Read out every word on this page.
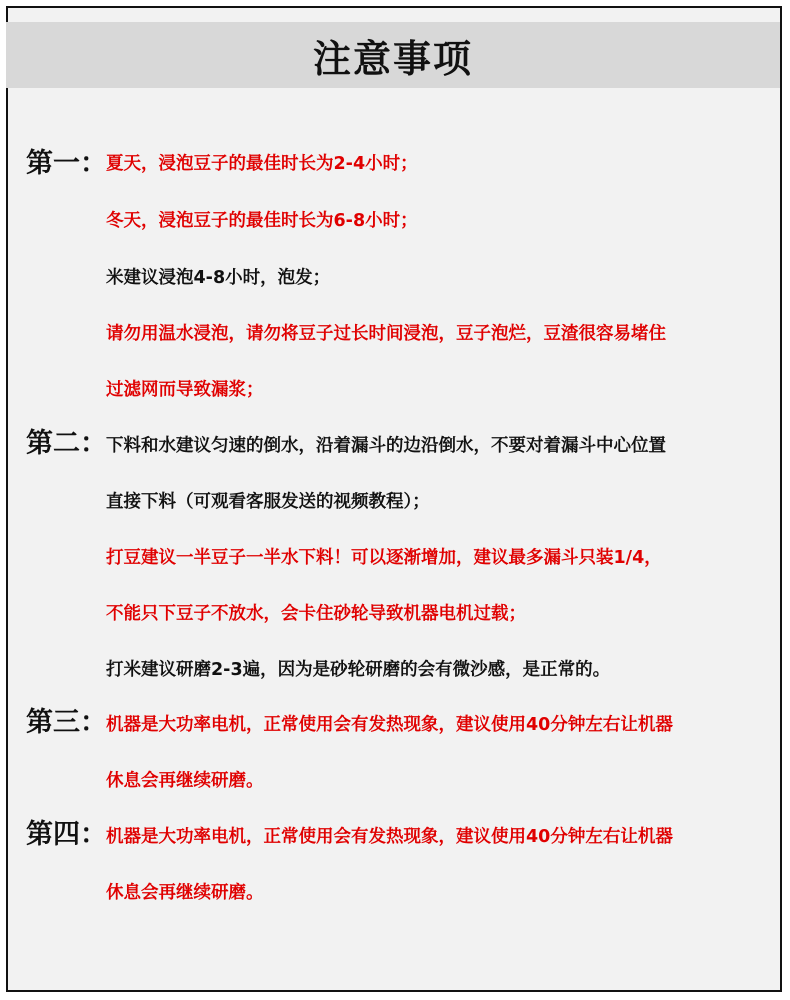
注意事项
第一： 夏天，浸泡豆子的最佳时长为2-4小时；
冬天，浸泡豆子的最佳时长为6-8小时；
米建议浸泡4-8小时，泡发；
请勿用温水浸泡，请勿将豆子过长时间浸泡，豆子泡烂，豆渣很容易堵住
过滤网而导致漏浆；
第二： 下料和水建议匀速的倒水，沿着漏斗的边沿倒水，不要对着漏斗中心位置
直接下料（可观看客服发送的视频教程）；
打豆建议一半豆子一半水下料！可以逐渐增加，建议最多漏斗只装1/4，
不能只下豆子不放水，会卡住砂轮导致机器电机过载；
打米建议研磨2-3遍，因为是砂轮研磨的会有微沙感，是正常的。
第三： 机器是大功率电机，正常使用会有发热现象，建议使用40分钟左右让机器
休息会再继续研磨。
第四： 机器是大功率电机，正常使用会有发热现象，建议使用40分钟左右让机器
休息会再继续研磨。
